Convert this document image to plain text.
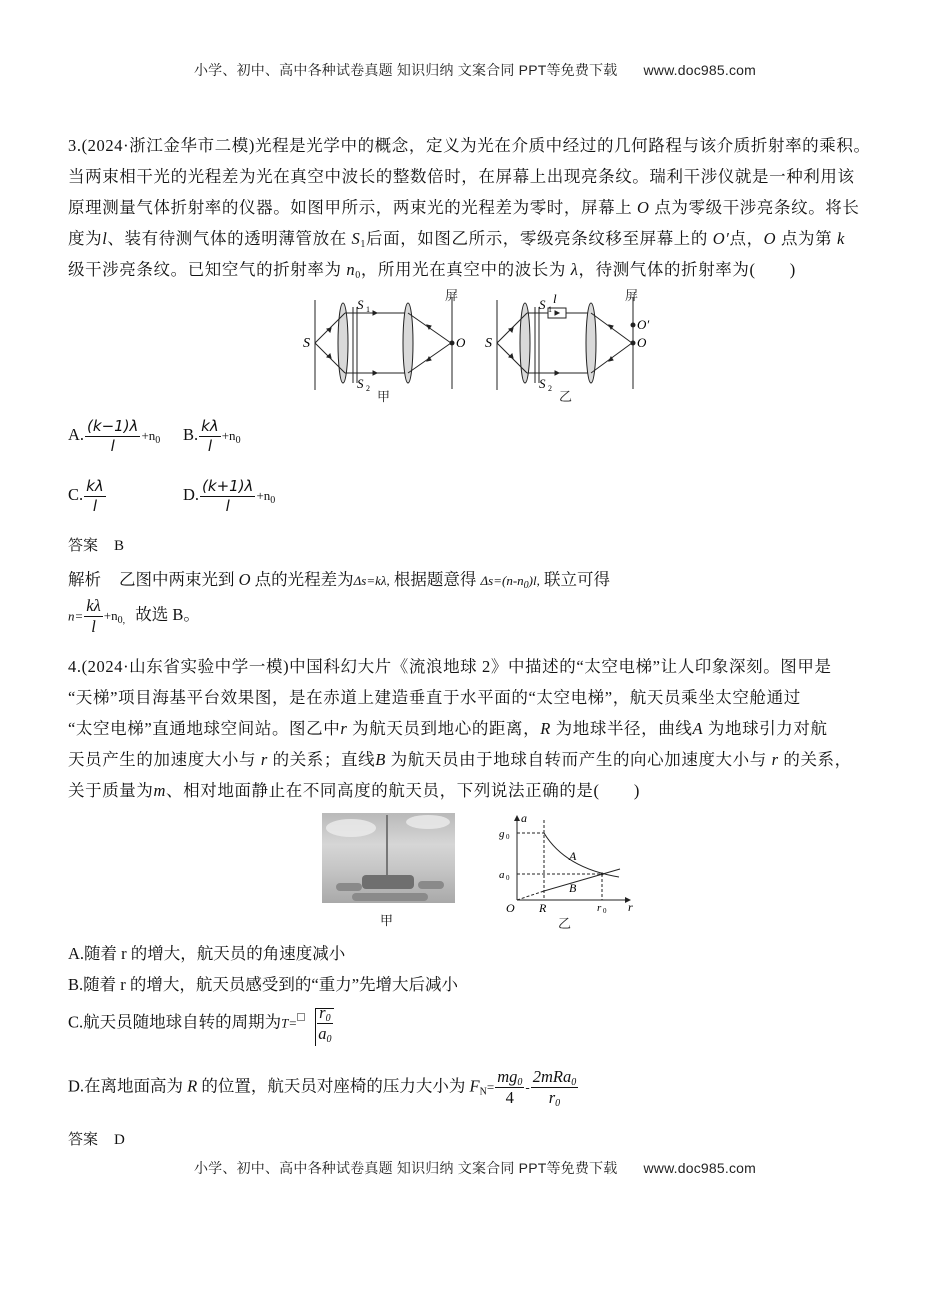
小学、初中、高中各种试卷真题 知识归纳 文案合同 PPT等免费下载 www.doc985.com
3.(2024·浙江金华市二模)光程是光学中的概念，定义为光在介质中经过的几何路程与该介质折射率的乘积。
当两束相干光的光程差为光在真空中波长的整数倍时，在屏幕上出现亮条纹。瑞利干涉仪就是一种利用该
原理测量气体折射率的仪器。如图甲所示，两束光的光程差为零时，屏幕上 O 点为零级干涉亮条纹。将长
度为l、装有待测气体的透明薄管放在 $S_1$后面，如图乙所示，零级亮条纹移至屏幕上的 O′点，O 点为第 k
级干涉亮条纹。已知空气的折射率为 $n_0$，所用光在真空中的波长为 λ，待测气体的折射率为(　　)
S
S 1
S 2
O
屏
甲
S
S 1
l
S 2
O′
O
屏
乙
A. $\frac{(k-1)\lambda}{l} +n_0$ B. $\frac{k\lambda}{l} +n_0$
C. $\frac{k\lambda}{l}$	D. $\frac{(k+1)\lambda}{l} +n_0$
答案 B
解析 乙图中两束光到 O 点的光程差为Δs=kλ, 根据题意得 $\Delta s=(n-n_0)l$, 联立可得
$n= \frac{k\lambda}{l} +n_{0,}$ 故选 B。
4.(2024·山东省实验中学一模)中国科幻大片《流浪地球 2》中描述的“太空电梯”让人印象深刻。图甲是
“天梯”项目海基平台效果图，是在赤道上建造垂直于水平面的“太空电梯”，航天员乘坐太空舱通过
“太空电梯”直通地球空间站。图乙中r 为航天员到地心的距离，R 为地球半径，曲线A 为地球引力对航
天员产生的加速度大小与 r 的关系；直线B 为航天员由于地球自转而产生的向心加速度大小与 r 的关系，
关于质量为m、相对地面静止在不同高度的航天员，下列说法正确的是(　　)
甲
a
r
O
g 0
a 0
R	r 0
A
B
乙
A.随着 r 的增大，航天员的角速度减小
B.随着 r 的增大，航天员感受到的“重力”先增大后减小
C.航天员随地球自转的周期为$T= \frac{r_0}{a_0}$
D.在离地面高为 R 的位置，航天员对座椅的压力大小为 $F_N= \frac{mg_0}{4} - \frac{2mRa_0}{r_0}$
答案 D
小学、初中、高中各种试卷真题 知识归纳 文案合同 PPT等免费下载 www.doc985.com
